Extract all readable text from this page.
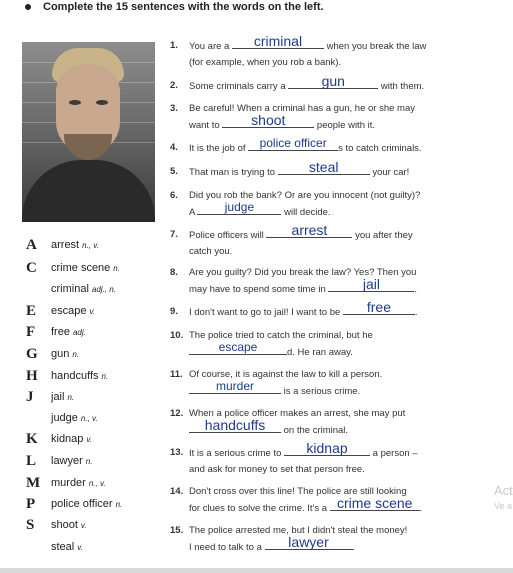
Complete the 15 sentences with the words on the left.
A arrest n., v.
C crime scene n.
criminal adj., n.
E escape v.
F free adj.
G gun n.
H handcuffs n.
J jail n.
judge n., v.
K kidnap v.
L lawyer n.
M murder n., v.
P police officer n.
S shoot v.
steal v.
1. You are a	criminal	when you break the law
(for example, when you rob a bank).
2. Some criminals carry a	gun	with them.
3. Be careful! When a criminal has a gun, he or she may
want to	shoot	people with it.
4. It is the job of police officer	s to catch criminals.
5. That man is trying to	steal	your car!
6. Did you rob the bank? Or are you innocent (not guilty)?
A	judge	will decide.
7. Police officers will	arrest	you after they
catch you.
8. Are you guilty? Did you break the law? Yes? Then you
may have to spend some time in	jail	.
9. I don't want to go to jail! I want to be	free	.
10. The police tried to catch the criminal, but he

escape	d. He ran away.
11. Of course, it is against the law to kill a person.

murder	is a serious crime.
12. When a police officer makes an arrest, she may put

handcuffs	on the criminal.
13. It is a serious crime to	kidnap	a person –
and ask for money to set that person free.
14. Don't cross over this line! The police are still looking
for clues to solve the crime. It's a crime scene .
15. The police arrested me, but I didn't steal the money!
I need to talk to a	lawyer	.
Act
Ve a
